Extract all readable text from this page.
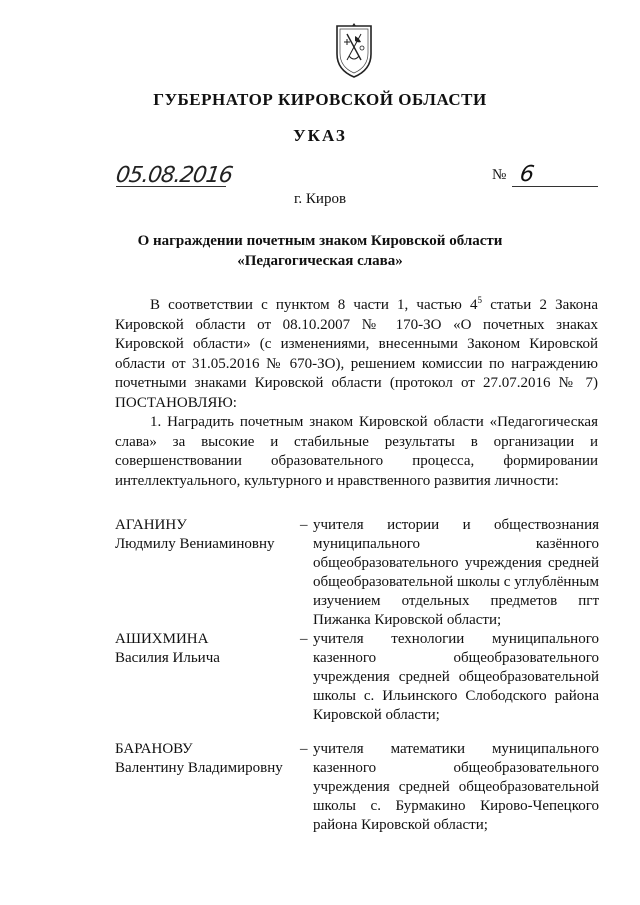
ГУБЕРНАТОР КИРОВСКОЙ ОБЛАСТИ
УКАЗ
05.08.2016	№ 6
г. Киров
О награждении почетным знаком Кировской области
«Педагогическая слава»

В соответствии с пунктом 8 части 1, частью $4^5$ статьи 2 Закона Кировской области от 08.10.2007 № 170-ЗО «О почетных знаках Кировской области» (с изменениями, внесенными Законом Кировской области от 31.05.2016 № 670-ЗО), решением комиссии по награждению почетными знаками Кировской области (протокол от 27.07.2016 № 7) ПОСТАНОВЛЯЮ:

1. Наградить почетным знаком Кировской области «Педагогическая слава» за высокие и стабильные результаты в организации и совершенствовании образовательного процесса, формировании интеллектуального, культурного и нравственного развития личности:

АГАНИНУ
Людмилу Вениаминовну
– учителя истории и обществознания муниципального казённого общеобразовательного учреждения средней общеобразовательной школы с углублённым изучением отдельных предметов пгт Пижанка Кировской области;
АШИХМИНА
Василия Ильича
– учителя технологии муниципального казенного общеобразовательного учреждения средней общеобразовательной школы с. Ильинского Слободского района Кировской области;
БАРАНОВУ
Валентину Владимировну
– учителя математики муниципального казенного общеобразовательного учреждения средней общеобразовательной школы с. Бурмакино Кирово-Чепецкого района Кировской области;
